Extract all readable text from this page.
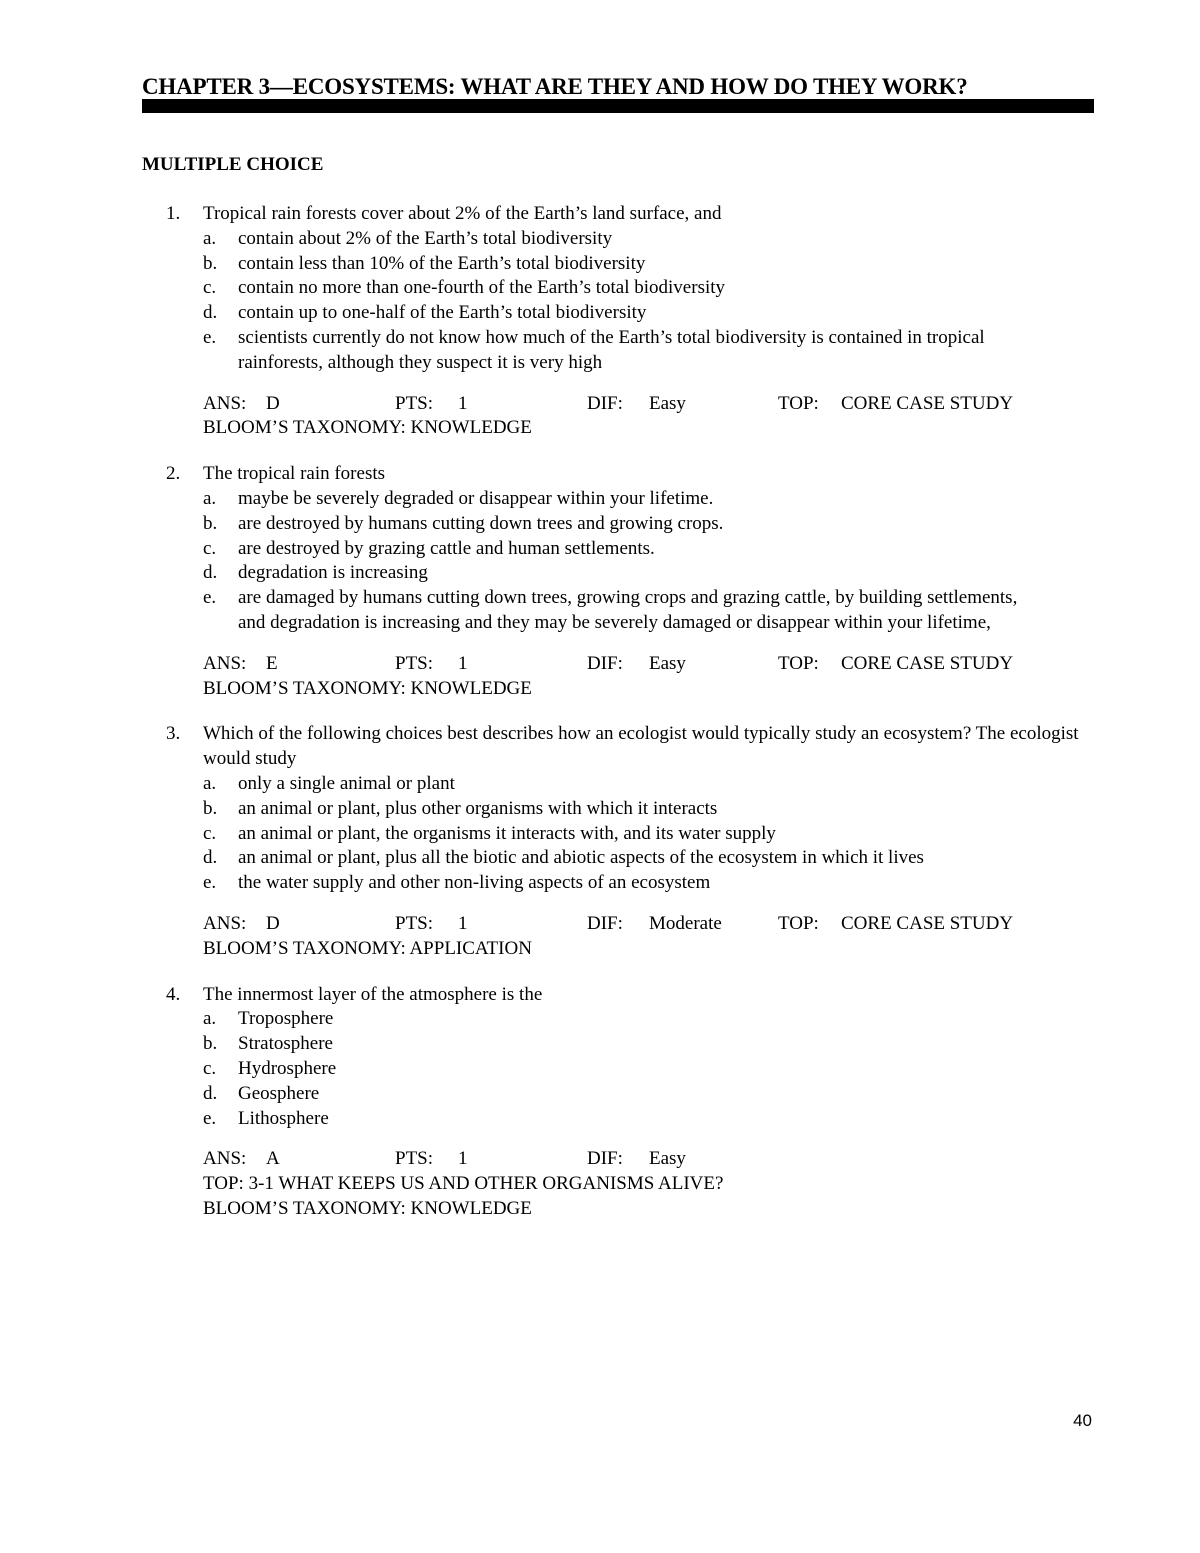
CHAPTER 3—ECOSYSTEMS: WHAT ARE THEY AND HOW DO THEY WORK?
MULTIPLE CHOICE
1.	Tropical rain forests cover about 2% of the Earth’s land surface, and
a.	contain about 2% of the Earth’s total biodiversity
b.	contain less than 10% of the Earth’s total biodiversity
c.	contain no more than one-fourth of the Earth’s total biodiversity
d.	contain up to one-half of the Earth’s total biodiversity
e.	scientists currently do not know how much of the Earth’s total biodiversity is contained in tropical rainforests, although they suspect it is very high
ANS: D	PTS: 1	DIF: Easy	TOP: CORE CASE STUDY
BLOOM’S TAXONOMY: KNOWLEDGE
2.	The tropical rain forests
a.	maybe be severely degraded or disappear within your lifetime.
b.	are destroyed by humans cutting down trees and growing crops.
c.	are destroyed by grazing cattle and human settlements.
d.	degradation is increasing
e.	are damaged by humans cutting down trees, growing crops and grazing cattle, by building settlements, and degradation is increasing and they may be severely damaged or disappear within your lifetime,
ANS: E	PTS: 1	DIF: Easy	TOP: CORE CASE STUDY
BLOOM’S TAXONOMY: KNOWLEDGE
3.	Which of the following choices best describes how an ecologist would typically study an ecosystem? The ecologist would study
a.	only a single animal or plant
b.	an animal or plant, plus other organisms with which it interacts
c.	an animal or plant, the organisms it interacts with, and its water supply
d.	an animal or plant, plus all the biotic and abiotic aspects of the ecosystem in which it lives
e.	the water supply and other non-living aspects of an ecosystem
ANS: D	PTS: 1	DIF: Moderate	TOP: CORE CASE STUDY
BLOOM’S TAXONOMY: APPLICATION
4.	The innermost layer of the atmosphere is the
a.	Troposphere
b.	Stratosphere
c.	Hydrosphere
d.	Geosphere
e.	Lithosphere
ANS: A	PTS: 1	DIF: Easy
TOP: 3-1 WHAT KEEPS US AND OTHER ORGANISMS ALIVE?
BLOOM’S TAXONOMY: KNOWLEDGE
40
